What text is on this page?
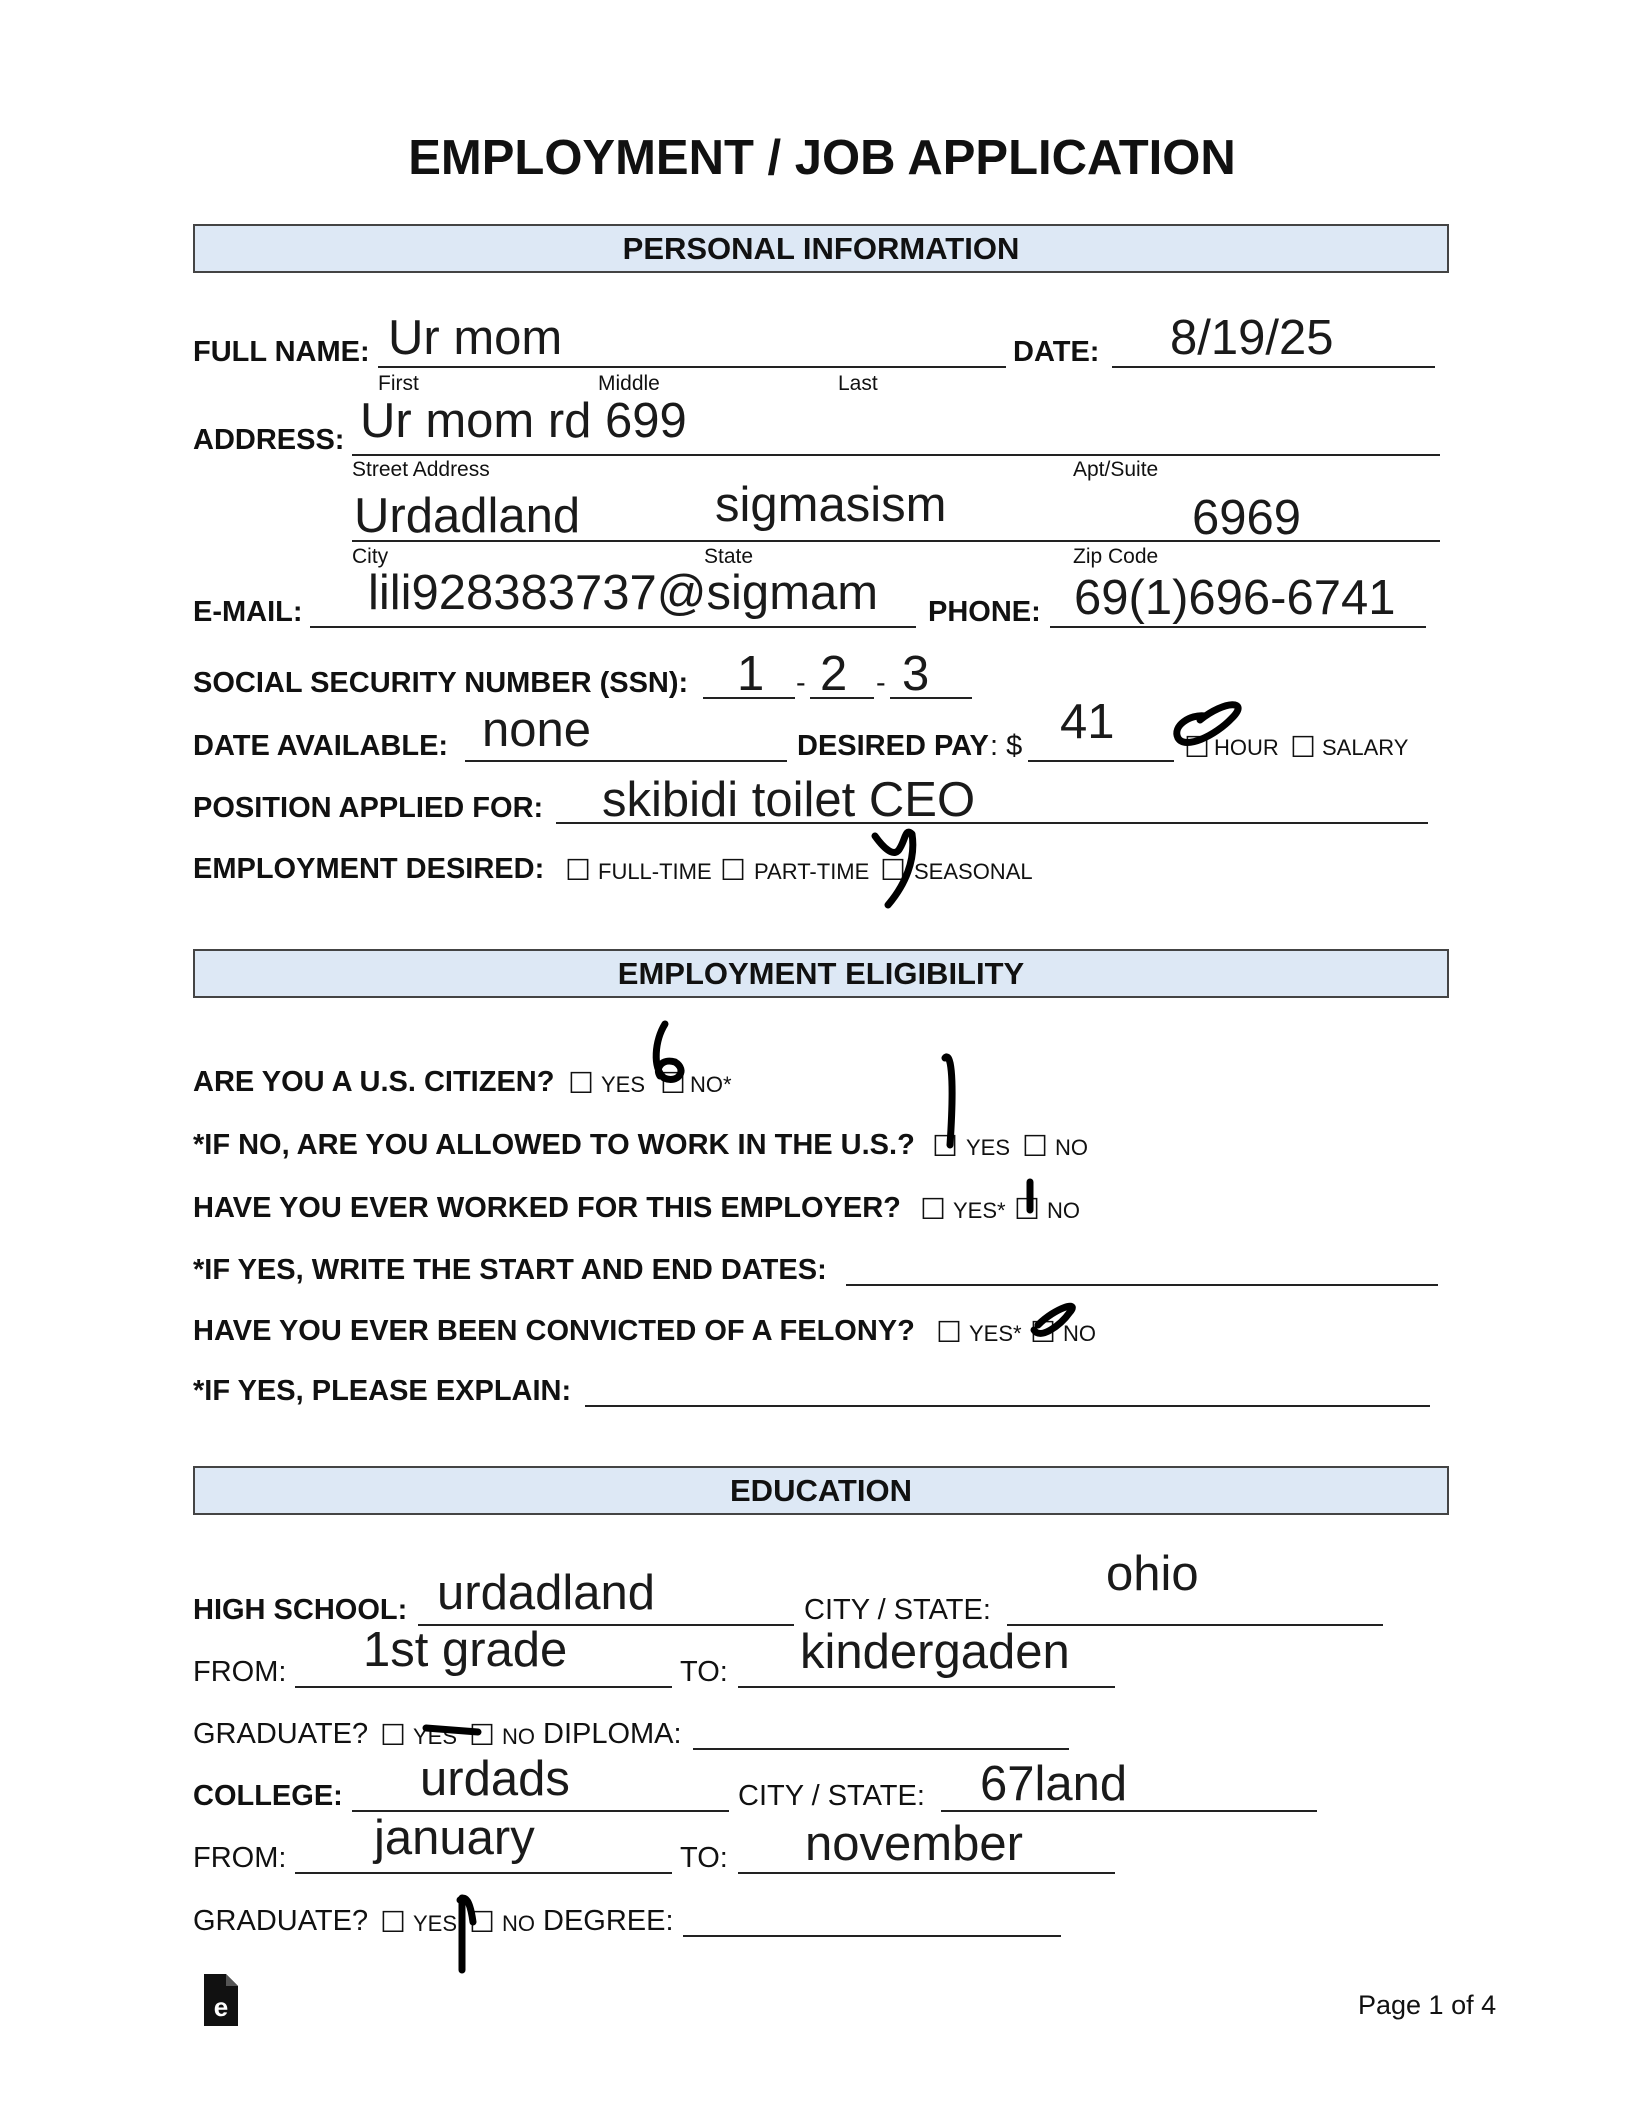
EMPLOYMENT / JOB APPLICATION
PERSONAL INFORMATION
FULL NAME: Ur mom
First	Middle	Last
DATE: 8/19/25
ADDRESS: Ur mom rd 699
Street Address	Apt/Suite
Urdadland	sigmasism	6969
City	State	Zip Code
E-MAIL: lili928383737@sigmam PHONE: 69(1)696-6741
SOCIAL SECURITY NUMBER (SSN):	- -
1 2 3
DATE AVAILABLE: none	DESIRED PAY : $ 41 ☐ HOUR ☐ SALARY
POSITION APPLIED FOR: skibidi toilet CEO
EMPLOYMENT DESIRED: ☐ FULL-TIME ☐ PART-TIME ☐ SEASONAL
EMPLOYMENT ELIGIBILITY
ARE YOU A U.S. CITIZEN? ☐ YES ☐ NO*
*IF NO, ARE YOU ALLOWED TO WORK IN THE U.S.? ☐ YES ☐ NO
HAVE YOU EVER WORKED FOR THIS EMPLOYER? ☐ YES* ☐ NO
*IF YES, WRITE THE START AND END DATES:
HAVE YOU EVER BEEN CONVICTED OF A FELONY? ☐ YES* ☐ NO
*IF YES, PLEASE EXPLAIN:
EDUCATION
HIGH SCHOOL: urdadland	CITY / STATE:
ohio
FROM: 1st grade	TO: kindergaden
GRADUATE? ☐ YES ☐ NO DIPLOMA:
COLLEGE: urdads	CITY / STATE: 67land
FROM: january	TO: november
GRADUATE? ☐ YES ☐ NO DEGREE:
e	Page 1 of 4
